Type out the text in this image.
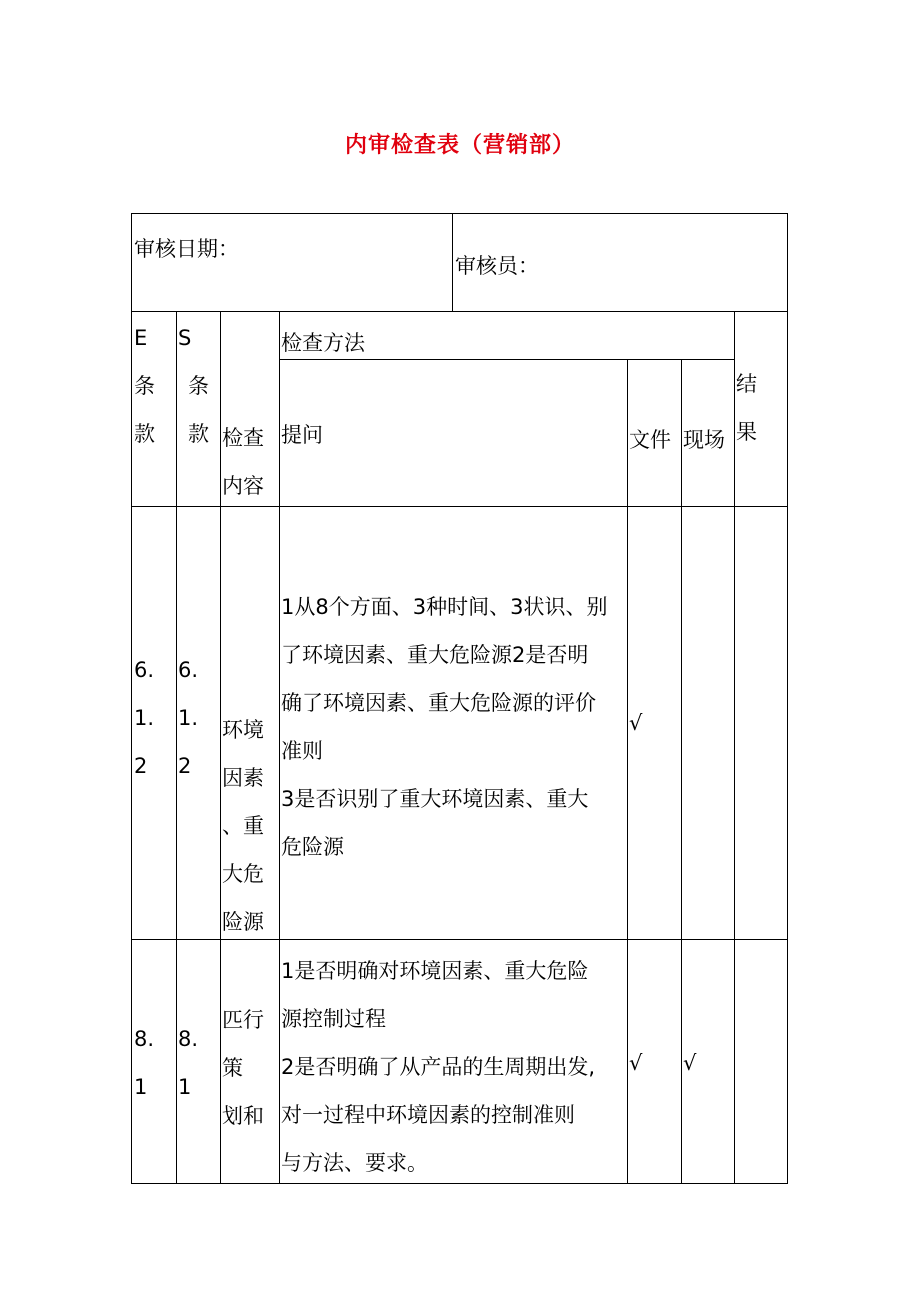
内审检查表（营销部）
审核日期：
审核员：
E
条
款
S
条
款 检查
内容
检查方法
提问	文件 现场
结
果
6.
1.
2
6.
1.
2
环境
因素
、重
大危
险源
1从8个方面、3种时间、3状识、别
了环境因素、重大危险源2是否明
确了环境因素、重大危险源的评价
准则
3是否识别了重大环境因素、重大
危险源
√
8.
1
8.
1
匹行
策
划和
1是否明确对环境因素、重大危险
源控制过程
2是否明确了从产品的生周期出发,
对一过程中环境因素的控制准则
与方法、要求。
√ √
